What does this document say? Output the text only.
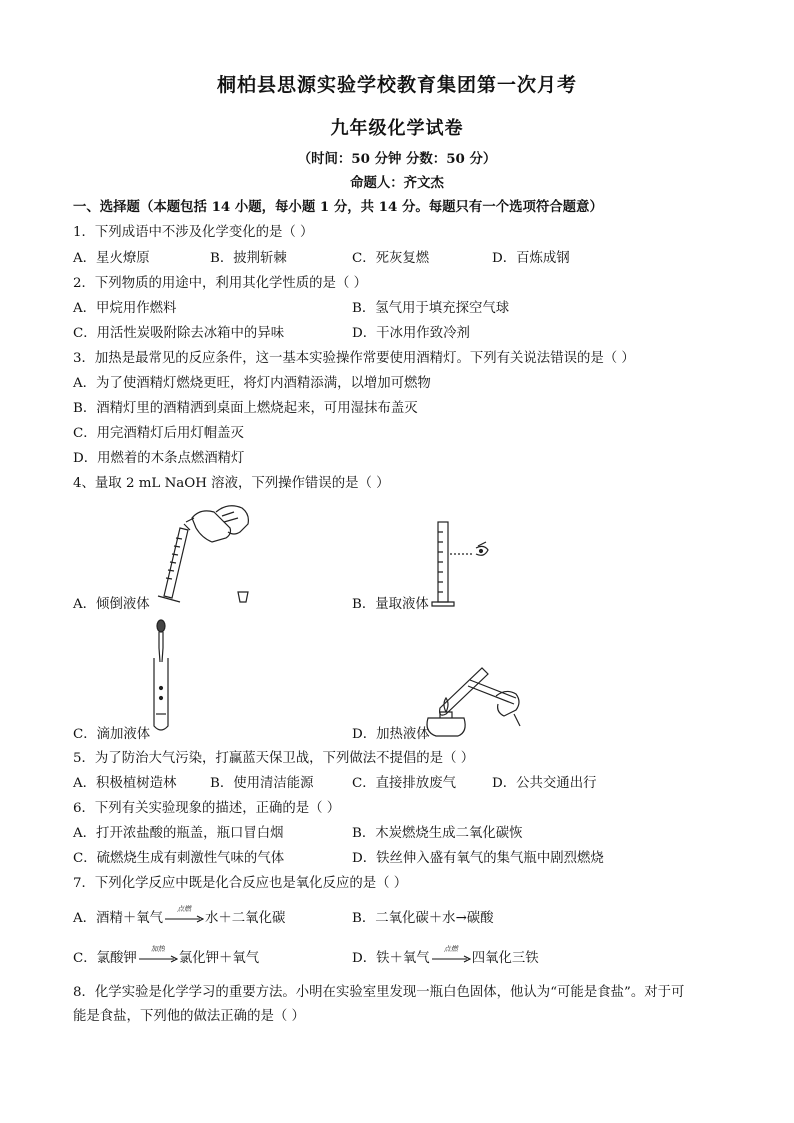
桐柏县思源实验学校教育集团第一次月考
九年级化学试卷
（时间：50 分钟 分数：50 分）
命题人：齐文杰
一、选择题（本题包括 14 小题，每小题 1 分，共 14 分。每题只有一个选项符合题意）
1．下列成语中不涉及化学变化的是（ ）
A．星火燎原	B．披荆斩棘	C．死灰复燃	D．百炼成钢
2．下列物质的用途中，利用其化学性质的是（ ）
A．甲烷用作燃料	B．氢气用于填充探空气球
C．用活性炭吸附除去冰箱中的异味	D．干冰用作致冷剂
3．加热是最常见的反应条件，这一基本实验操作常要使用酒精灯。下列有关说法错误的是（ ）
A．为了使酒精灯燃烧更旺，将灯内酒精添满，以增加可燃物
B．酒精灯里的酒精洒到桌面上燃烧起来，可用湿抹布盖灭
C．用完酒精灯后用灯帽盖灭
D．用燃着的木条点燃酒精灯
4、量取 2 mL NaOH 溶液，下列操作错误的是（ ）
A．倾倒液体	B．量取液体
C．滴加液体	D．加热液体
5．为了防治大气污染，打赢蓝天保卫战，下列做法不提倡的是（ ）
A．积极植树造林	B．使用清洁能源	C．直接排放废气	D．公共交通出行
6．下列有关实验现象的描述，正确的是（ ）
A．打开浓盐酸的瓶盖，瓶口冒白烟	B．木炭燃烧生成二氧化碳恢
C．硫燃烧生成有刺激性气味的气体	D．铁丝伸入盛有氧气的集气瓶中剧烈燃烧
7．下列化学反应中既是化合反应也是氧化反应的是（ ）
A．酒精＋氧气
点燃
水＋二氧化碳	B．二氧化碳＋水→碳酸
C．氯酸钾
加热
氯化钾＋氧气	D．铁＋氧气
点燃
四氧化三铁
8．化学实验是化学学习的重要方法。小明在实验室里发现一瓶白色固体，他认为“可能是食盐”。对于可
能是食盐，下列他的做法正确的是（ ）
